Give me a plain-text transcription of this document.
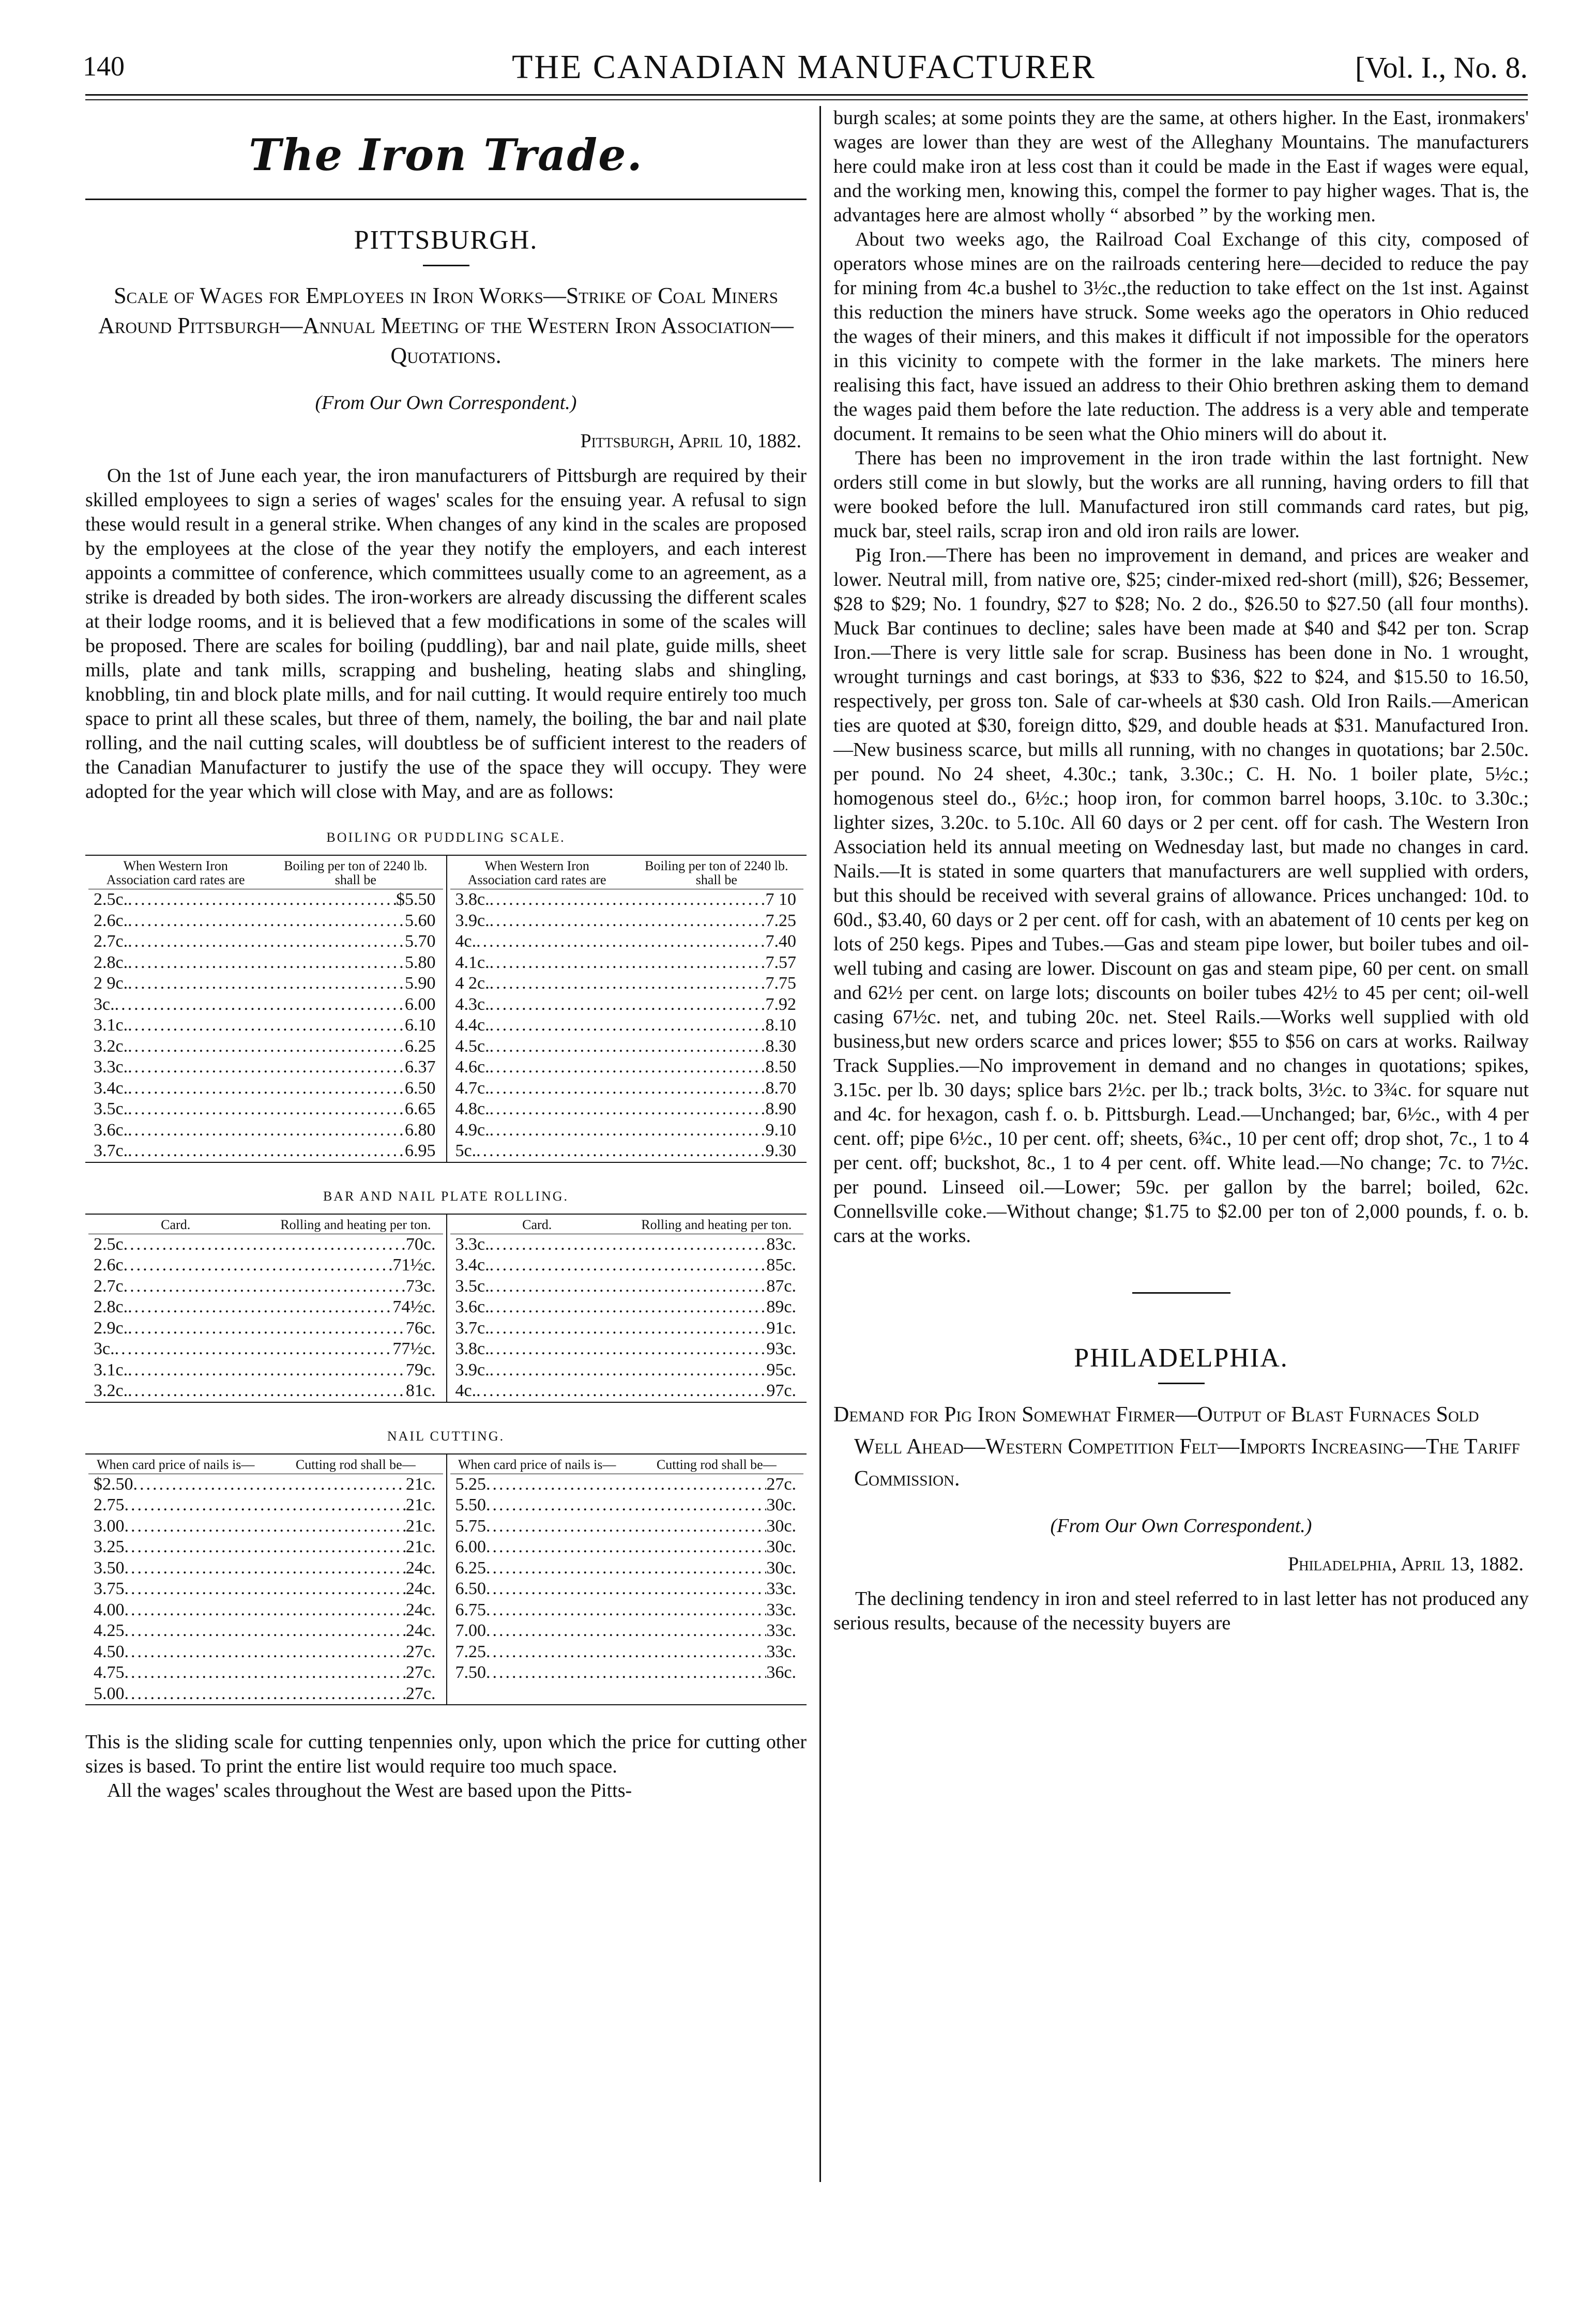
140	THE CANADIAN MANUFACTURER	[Vol. I., No. 8.
The Iron Trade.
PITTSBURGH.
Scale of Wages for Employees in Iron Works—Strike of Coal Miners Around Pittsburgh—Annual Meeting of the Western Iron Association—Quotations.
(From Our Own Correspondent.)
Pittsburgh, April 10, 1882.

On the 1st of June each year, the iron manufacturers of Pittsburgh are required by their skilled employees to sign a series of wages' scales for the ensuing year. A refusal to sign these would result in a general strike. When changes of any kind in the scales are proposed by the employees at the close of the year they notify the employers, and each interest appoints a committee of conference, which committees usually come to an agreement, as a strike is dreaded by both sides. The iron-workers are already discussing the different scales at their lodge rooms, and it is believed that a few modifications in some of the scales will be proposed. There are scales for boiling (puddling), bar and nail plate, guide mills, sheet mills, plate and tank mills, scrapping and busheling, heating slabs and shingling, knobbling, tin and block plate mills, and for nail cutting. It would require entirely too much space to print all these scales, but three of them, namely, the boiling, the bar and nail plate rolling, and the nail cutting scales, will doubtless be of sufficient interest to the readers of the Canadian Manufacturer to justify the use of the space they will occupy. They were adopted for the year which will close with May, and are as follows:

BOILING OR PUDDLING SCALE.
When Western Iron Association card rates are
Boiling per ton of 2240 lb. shall be
2.5c. .....	$5.50
2.6c. .....	5.60
2.7c. .....	5.70
2.8c. .....	5.80
2 9c. .....	5.90
3c. .....	6.00
3.1c. .....	6.10
3.2c. .....	6.25
3.3c. .....	6.37
3.4c. .....	6.50
3.5c. .....	6.65
3.6c. .....	6.80
3.7c. .....	6.95
When Western Iron Association card rates are
Boiling per ton of 2240 lb. shall be
3.8c. .....	7 10
3.9c. .....	7.25
4c. .....	7.40
4.1c. .....	7.57
4 2c. .....	7.75
4.3c. .....	7.92
4.4c. .....	8.10
4.5c. .....	8.30
4.6c. .....	8.50
4.7c. .....	8.70
4.8c. .....	8.90
4.9c. .....	9.10
5c. .....	9.30
BAR AND NAIL PLATE ROLLING.
Card.	Rolling and heating per ton.
2.5c .....	70c.
2.6c .....	71½c.
2.7c .....	73c.
2.8c. .....	74½c.
2.9c. .....	76c.
3c. .....	77½c.
3.1c. .....	79c.
3.2c. .....	81c.
Card.	Rolling and heating per ton.
3.3c. .....	83c.
3.4c. .....	85c.
3.5c. .....	87c.
3.6c. .....	89c.
3.7c. .....	91c.
3.8c. .....	93c.
3.9c. .....	95c.
4c. .....	97c.
NAIL CUTTING.
When card price of nails is—	Cutting rod shall be—
$2.50 .....	21c.
2.75 .....	21c.
3.00 .....	21c.
3.25 .....	21c.
3.50 .....	24c.
3.75 .....	24c.
4.00 .....	24c.
4.25 .....	24c.
4.50 .....	27c.
4.75 .....	27c.
5.00 .....	27c.
When card price of nails is—	Cutting rod shall be—
5.25 .....	27c.
5.50 .....	30c.
5.75 .....	30c.
6.00 .....	30c.
6.25 .....	30c.
6.50 .....	33c.
6.75 .....	33c.
7.00 .....	33c.
7.25 .....	33c.
7.50 .....	36c.

This is the sliding scale for cutting tenpennies only, upon which the price for cutting other sizes is based. To print the entire list would require too much space.

All the wages' scales throughout the West are based upon the Pitts-

burgh scales; at some points they are the same, at others higher. In the East, ironmakers' wages are lower than they are west of the Alleghany Mountains. The manufacturers here could make iron at less cost than it could be made in the East if wages were equal, and the working men, knowing this, compel the former to pay higher wages. That is, the advantages here are almost wholly “ absorbed ” by the working men.

About two weeks ago, the Railroad Coal Exchange of this city, composed of operators whose mines are on the railroads centering here—decided to reduce the pay for mining from 4c.a bushel to 3½c.,the reduction to take effect on the 1st inst. Against this reduction the miners have struck. Some weeks ago the operators in Ohio reduced the wages of their miners, and this makes it difficult if not impossible for the operators in this vicinity to compete with the former in the lake markets. The miners here realising this fact, have issued an address to their Ohio brethren asking them to demand the wages paid them before the late reduction. The address is a very able and temperate document. It remains to be seen what the Ohio miners will do about it.

There has been no improvement in the iron trade within the last fortnight. New orders still come in but slowly, but the works are all running, having orders to fill that were booked before the lull. Manufactured iron still commands card rates, but pig, muck bar, steel rails, scrap iron and old iron rails are lower.

Pig Iron.—There has been no improvement in demand, and prices are weaker and lower. Neutral mill, from native ore, $25; cinder-mixed red-short (mill), $26; Bessemer, $28 to $29; No. 1 foundry, $27 to $28; No. 2 do., $26.50 to $27.50 (all four months). Muck Bar continues to decline; sales have been made at $40 and $42 per ton. Scrap Iron.—There is very little sale for scrap. Business has been done in No. 1 wrought, wrought turnings and cast borings, at $33 to $36, $22 to $24, and $15.50 to 16.50, respectively, per gross ton. Sale of car-wheels at $30 cash. Old Iron Rails.—American ties are quoted at $30, foreign ditto, $29, and double heads at $31. Manufactured Iron.—New business scarce, but mills all running, with no changes in quotations; bar 2.50c. per pound. No 24 sheet, 4.30c.; tank, 3.30c.; C. H. No. 1 boiler plate, 5½c.; homogenous steel do., 6½c.; hoop iron, for common barrel hoops, 3.10c. to 3.30c.; lighter sizes, 3.20c. to 5.10c. All 60 days or 2 per cent. off for cash. The Western Iron Association held its annual meeting on Wednesday last, but made no changes in card. Nails.—It is stated in some quarters that manufacturers are well supplied with orders, but this should be received with several grains of allowance. Prices unchanged: 10d. to 60d., $3.40, 60 days or 2 per cent. off for cash, with an abatement of 10 cents per keg on lots of 250 kegs. Pipes and Tubes.—Gas and steam pipe lower, but boiler tubes and oil-well tubing and casing are lower. Discount on gas and steam pipe, 60 per cent. on small and 62½ per cent. on large lots; discounts on boiler tubes 42½ to 45 per cent; oil-well casing 67½c. net, and tubing 20c. net. Steel Rails.—Works well supplied with old business,but new orders scarce and prices lower; $55 to $56 on cars at works. Railway Track Supplies.—No improvement in demand and no changes in quotations; spikes, 3.15c. per lb. 30 days; splice bars 2½c. per lb.; track bolts, 3½c. to 3¾c. for square nut and 4c. for hexagon, cash f. o. b. Pittsburgh. Lead.—Unchanged; bar, 6½c., with 4 per cent. off; pipe 6½c., 10 per cent. off; sheets, 6¾c., 10 per cent off; drop shot, 7c., 1 to 4 per cent. off; buckshot, 8c., 1 to 4 per cent. off. White lead.—No change; 7c. to 7½c. per pound. Linseed oil.—Lower; 59c. per gallon by the barrel; boiled, 62c. Connellsville coke.—Without change; $1.75 to $2.00 per ton of 2,000 pounds, f. o. b. cars at the works.

PHILADELPHIA.
Demand for Pig Iron Somewhat Firmer—Output of Blast Furnaces Sold Well Ahead—Western Competition Felt—Imports Increasing—The Tariff Commission.
(From Our Own Correspondent.)
Philadelphia, April 13, 1882.

The declining tendency in iron and steel referred to in last letter has not produced any serious results, because of the necessity buyers are
